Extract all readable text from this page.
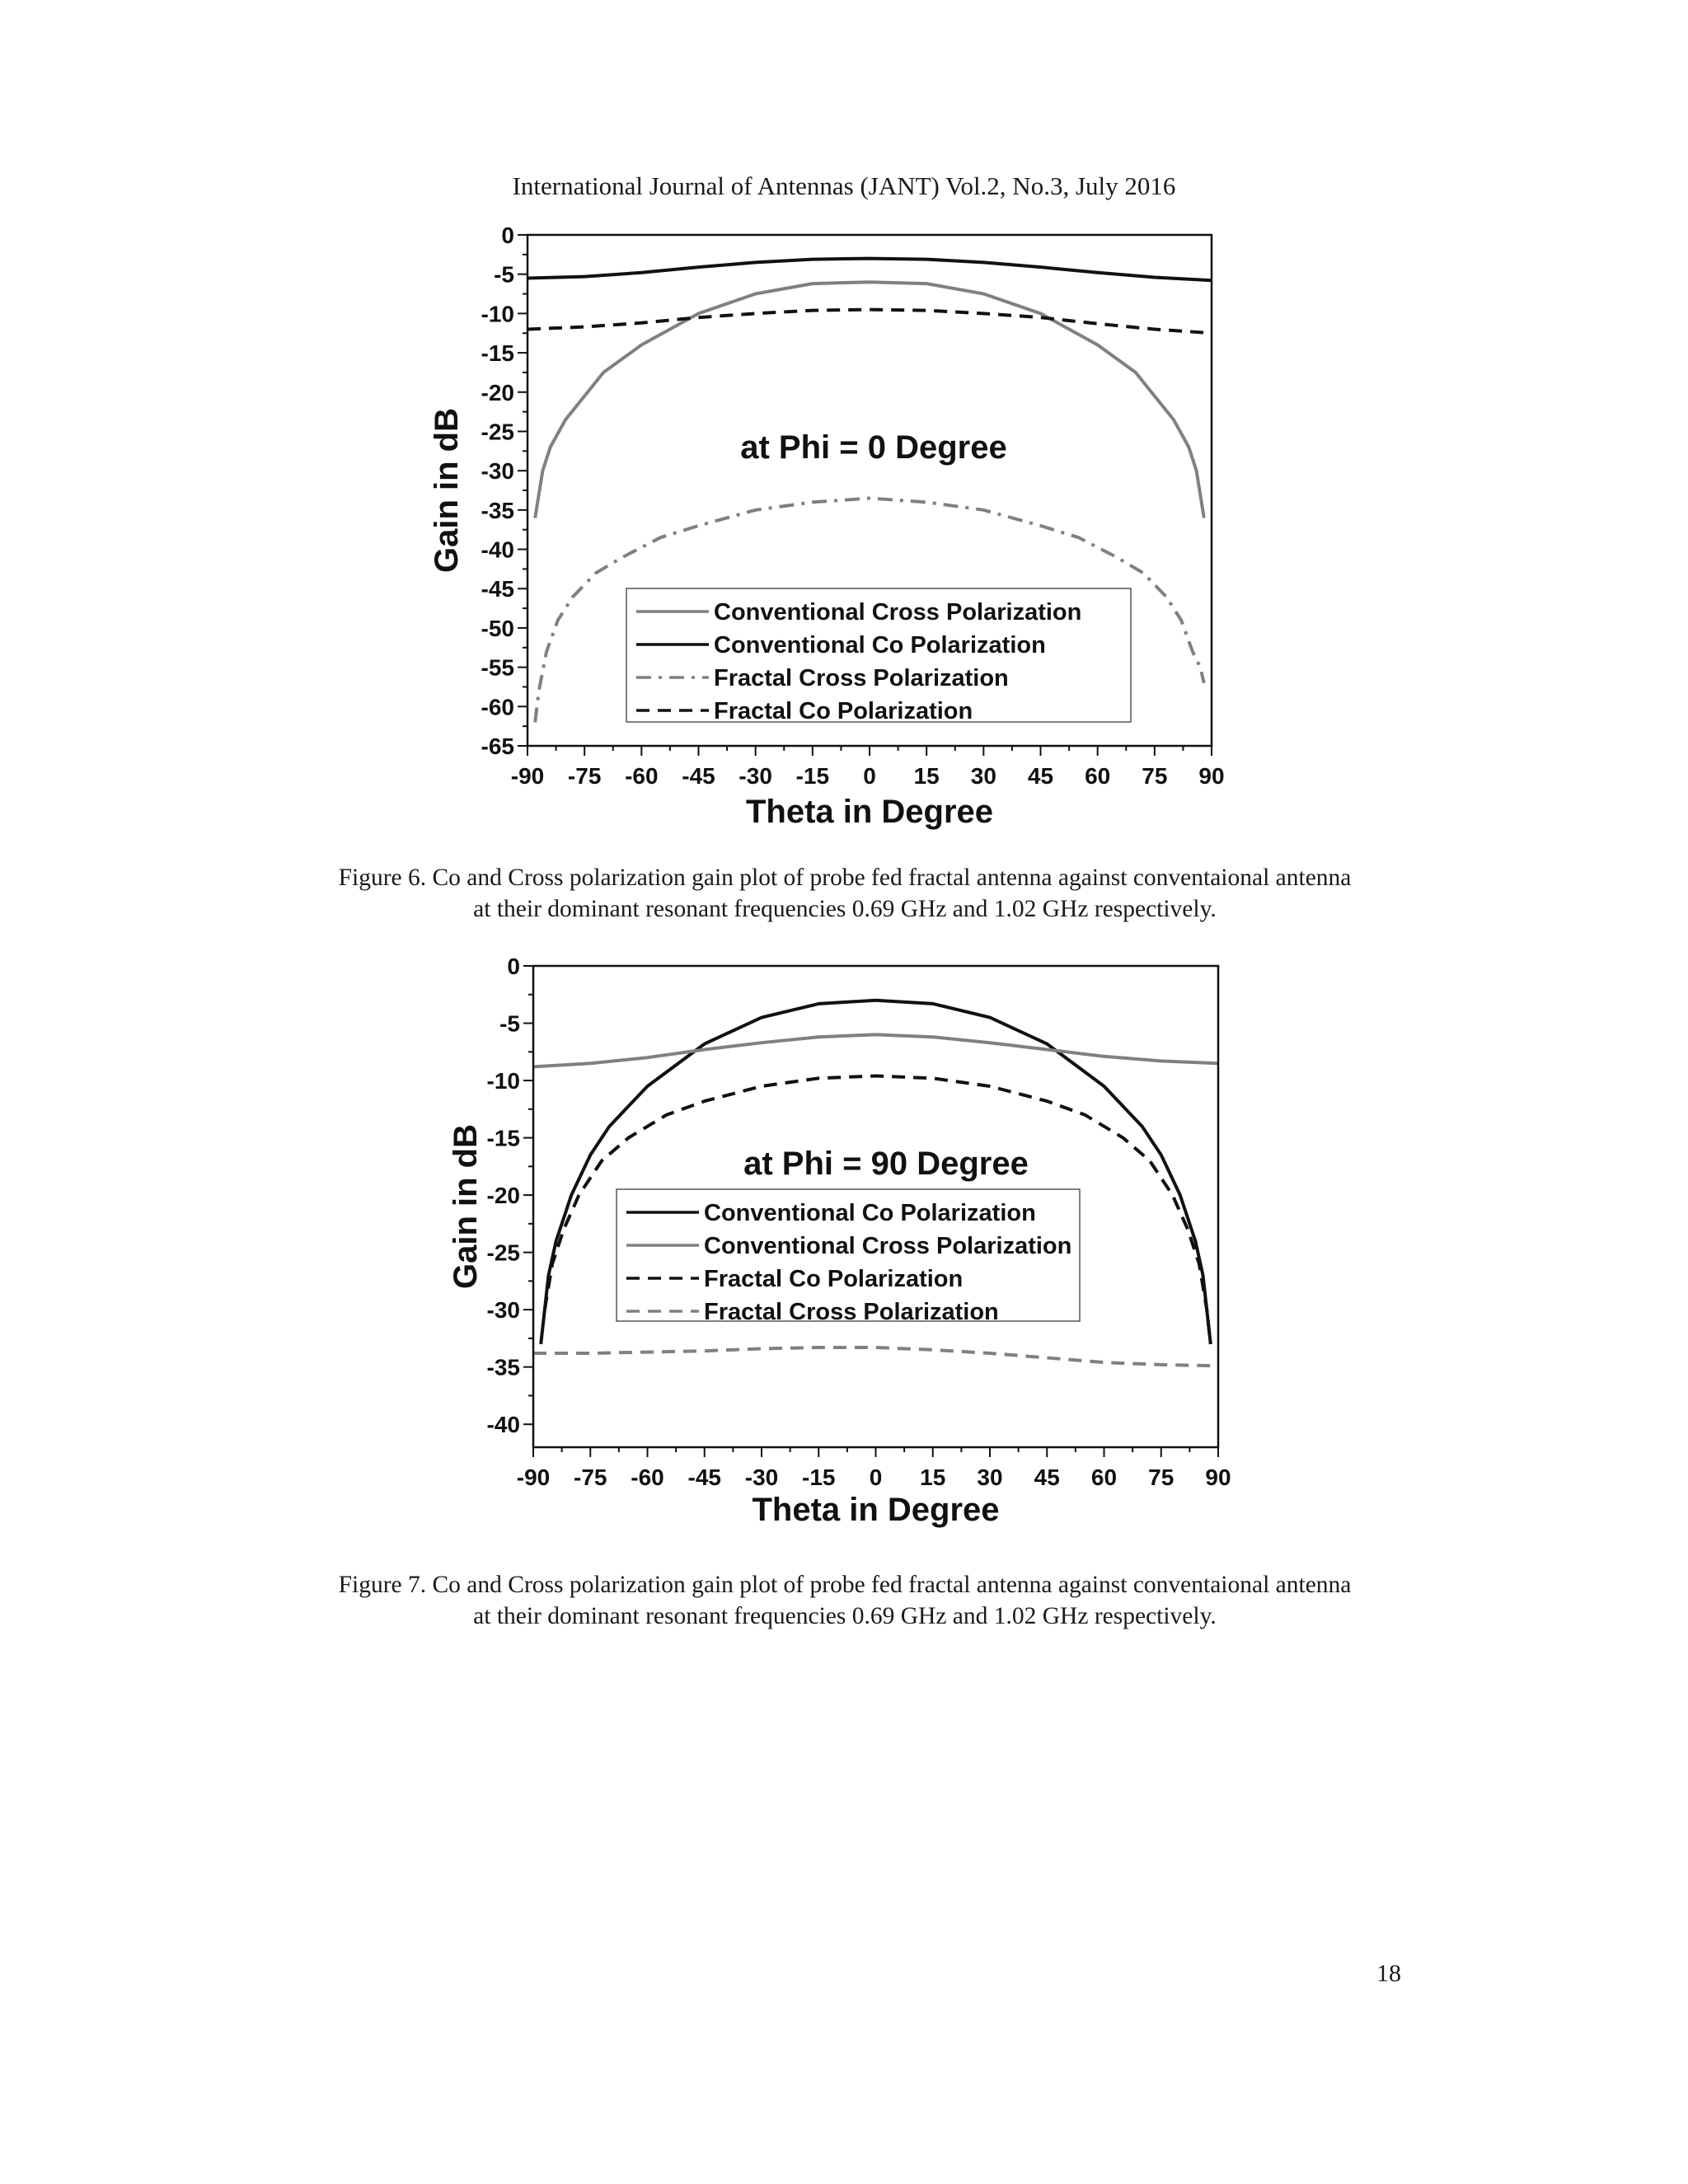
International Journal of Antennas (JANT) Vol.2, No.3, July 2016
0
-5
-10
-15
-20
-25
-30
-35
-40
-45
-50
-55
-60
-65
-90 -75 -60 -45 -30 -15 0 15 30 45 60 75 90
at Phi = 0 Degree
Theta in Degree
Gain in dB
Conventional Cross Polarization
Conventional Co Polarization
Fractal Cross Polarization
Fractal Co Polarization
Figure 6. Co and Cross polarization gain plot of probe fed fractal antenna against conventaional antenna
at their dominant resonant frequencies 0.69 GHz and 1.02 GHz respectively.
0
-5
-10
-15
-20
-25
-30
-35
-40
-90 -75 -60 -45 -30 -15 0 15 30 45 60 75 90
at Phi = 90 Degree
Theta in Degree
Gain in dB	Conventional Co Polarization
Conventional Cross Polarization
Fractal Co Polarization
Fractal Cross Polarization
Figure 7. Co and Cross polarization gain plot of probe fed fractal antenna against conventaional antenna
at their dominant resonant frequencies 0.69 GHz and 1.02 GHz respectively.
18
